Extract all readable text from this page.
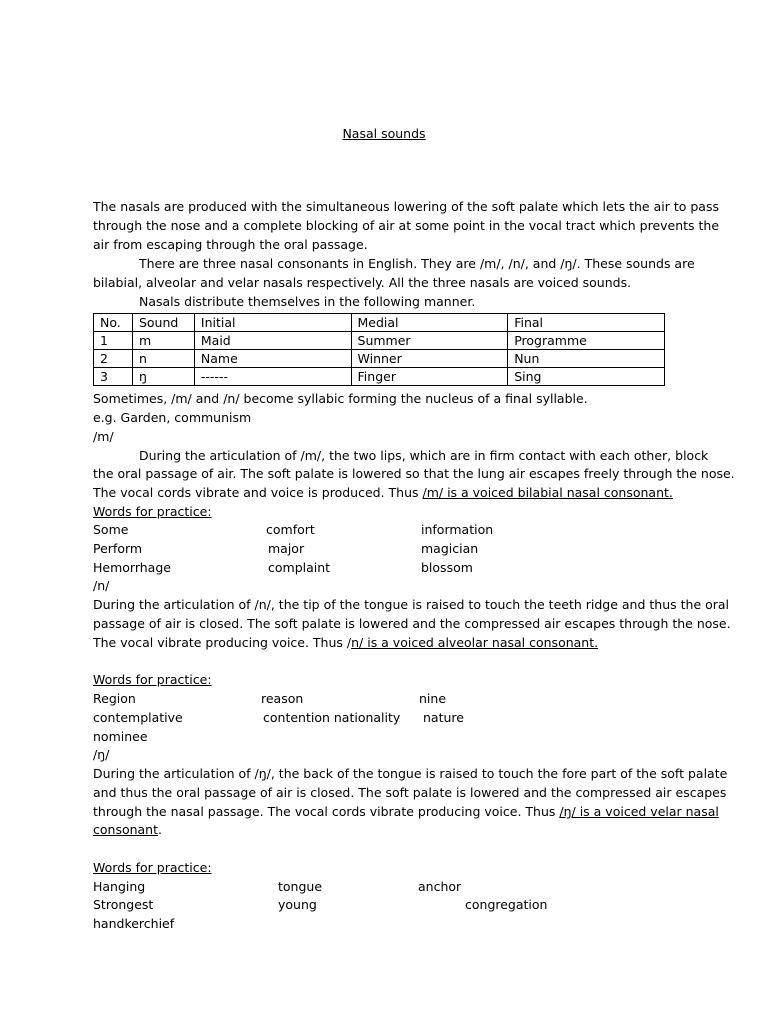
Nasal sounds
The nasals are produced with the simultaneous lowering of the soft palate which lets the air to pass
through the nose and a complete blocking of air at some point in the vocal tract which prevents the
air from escaping through the oral passage.
There are three nasal consonants in English. They are /m/, /n/, and /ŋ/. These sounds are
bilabial, alveolar and velar nasals respectively. All the three nasals are voiced sounds.
Nasals distribute themselves in the following manner.
No.	Sound	Initial	Medial	Final
1	m	Maid	Summer	Programme
2	n	Name	Winner	Nun
3	ŋ	------	Finger	Sing
Sometimes, /m/ and /n/ become syllabic forming the nucleus of a final syllable.
e.g. Garden, communism
/m/
During the articulation of /m/, the two lips, which are in firm contact with each other, block
the oral passage of air. The soft palate is lowered so that the lung air escapes freely through the nose.
The vocal cords vibrate and voice is produced. Thus /m/ is a voiced bilabial nasal consonant.
Words for practice:
Some	comfort	information
Perform	major	magician
Hemorrhage	complaint	blossom
/n/
During the articulation of /n/, the tip of the tongue is raised to touch the teeth ridge and thus the oral
passage of air is closed. The soft palate is lowered and the compressed air escapes through the nose.
The vocal vibrate producing voice. Thus /n/ is a voiced alveolar nasal consonant.
Words for practice:
Region	reason	nine
contemplative	contention nationality nature
nominee
/ŋ/
During the articulation of /ŋ/, the back of the tongue is raised to touch the fore part of the soft palate
and thus the oral passage of air is closed. The soft palate is lowered and the compressed air escapes
through the nasal passage. The vocal cords vibrate producing voice. Thus /ŋ/ is a voiced velar nasal
consonant.
Words for practice:
Hanging	tongue	anchor
Strongest	young	congregation
handkerchief
